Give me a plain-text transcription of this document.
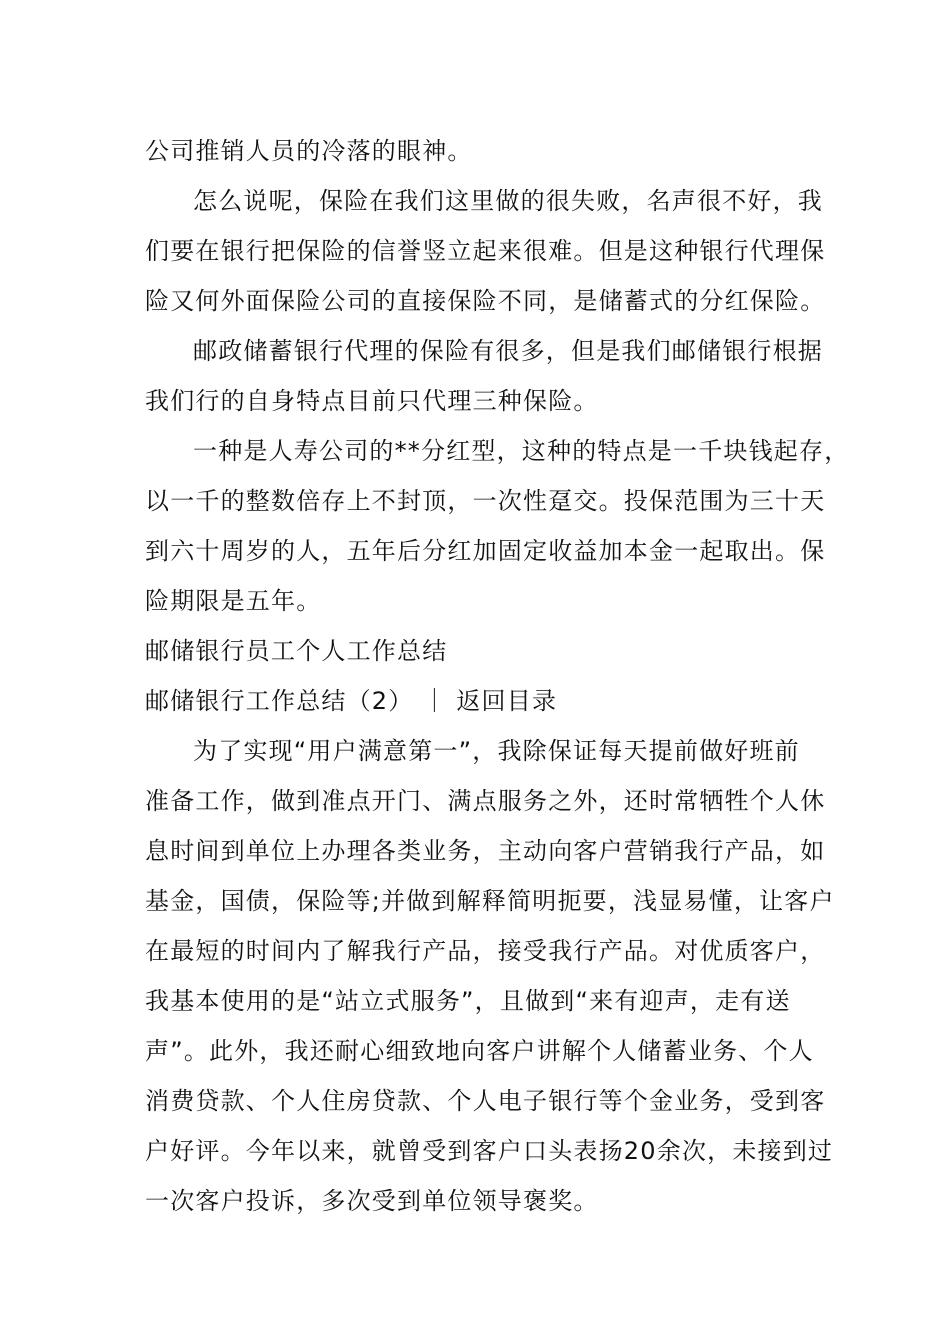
公司推销人员的冷落的眼神。
怎么说呢，保险在我们这里做的很失败，名声很不好，我
们要在银行把保险的信誉竖立起来很难。但是这种银行代理保
险又何外面保险公司的直接保险不同，是储蓄式的分红保险。
邮政储蓄银行代理的保险有很多，但是我们邮储银行根据
我们行的自身特点目前只代理三种保险。
一种是人寿公司的**分红型，这种的特点是一千块钱起存，
以一千的整数倍存上不封顶，一次性趸交。投保范围为三十天
到六十周岁的人，五年后分红加固定收益加本金一起取出。保
险期限是五年。
邮储银行员工个人工作总结
邮储银行工作总结（2） ｜ 返回目录
为了实现“用户满意第一”，我除保证每天提前做好班前
准备工作，做到准点开门、满点服务之外，还时常牺牲个人休
息时间到单位上办理各类业务，主动向客户营销我行产品，如
基金，国债，保险等;并做到解释简明扼要，浅显易懂，让客户
在最短的时间内了解我行产品，接受我行产品。对优质客户，
我基本使用的是“站立式服务”，且做到“来有迎声，走有送
声”。此外，我还耐心细致地向客户讲解个人储蓄业务、个人
消费贷款、个人住房贷款、个人电子银行等个金业务，受到客
户好评。今年以来，就曾受到客户口头表扬20余次，未接到过
一次客户投诉，多次受到单位领导褒奖。
